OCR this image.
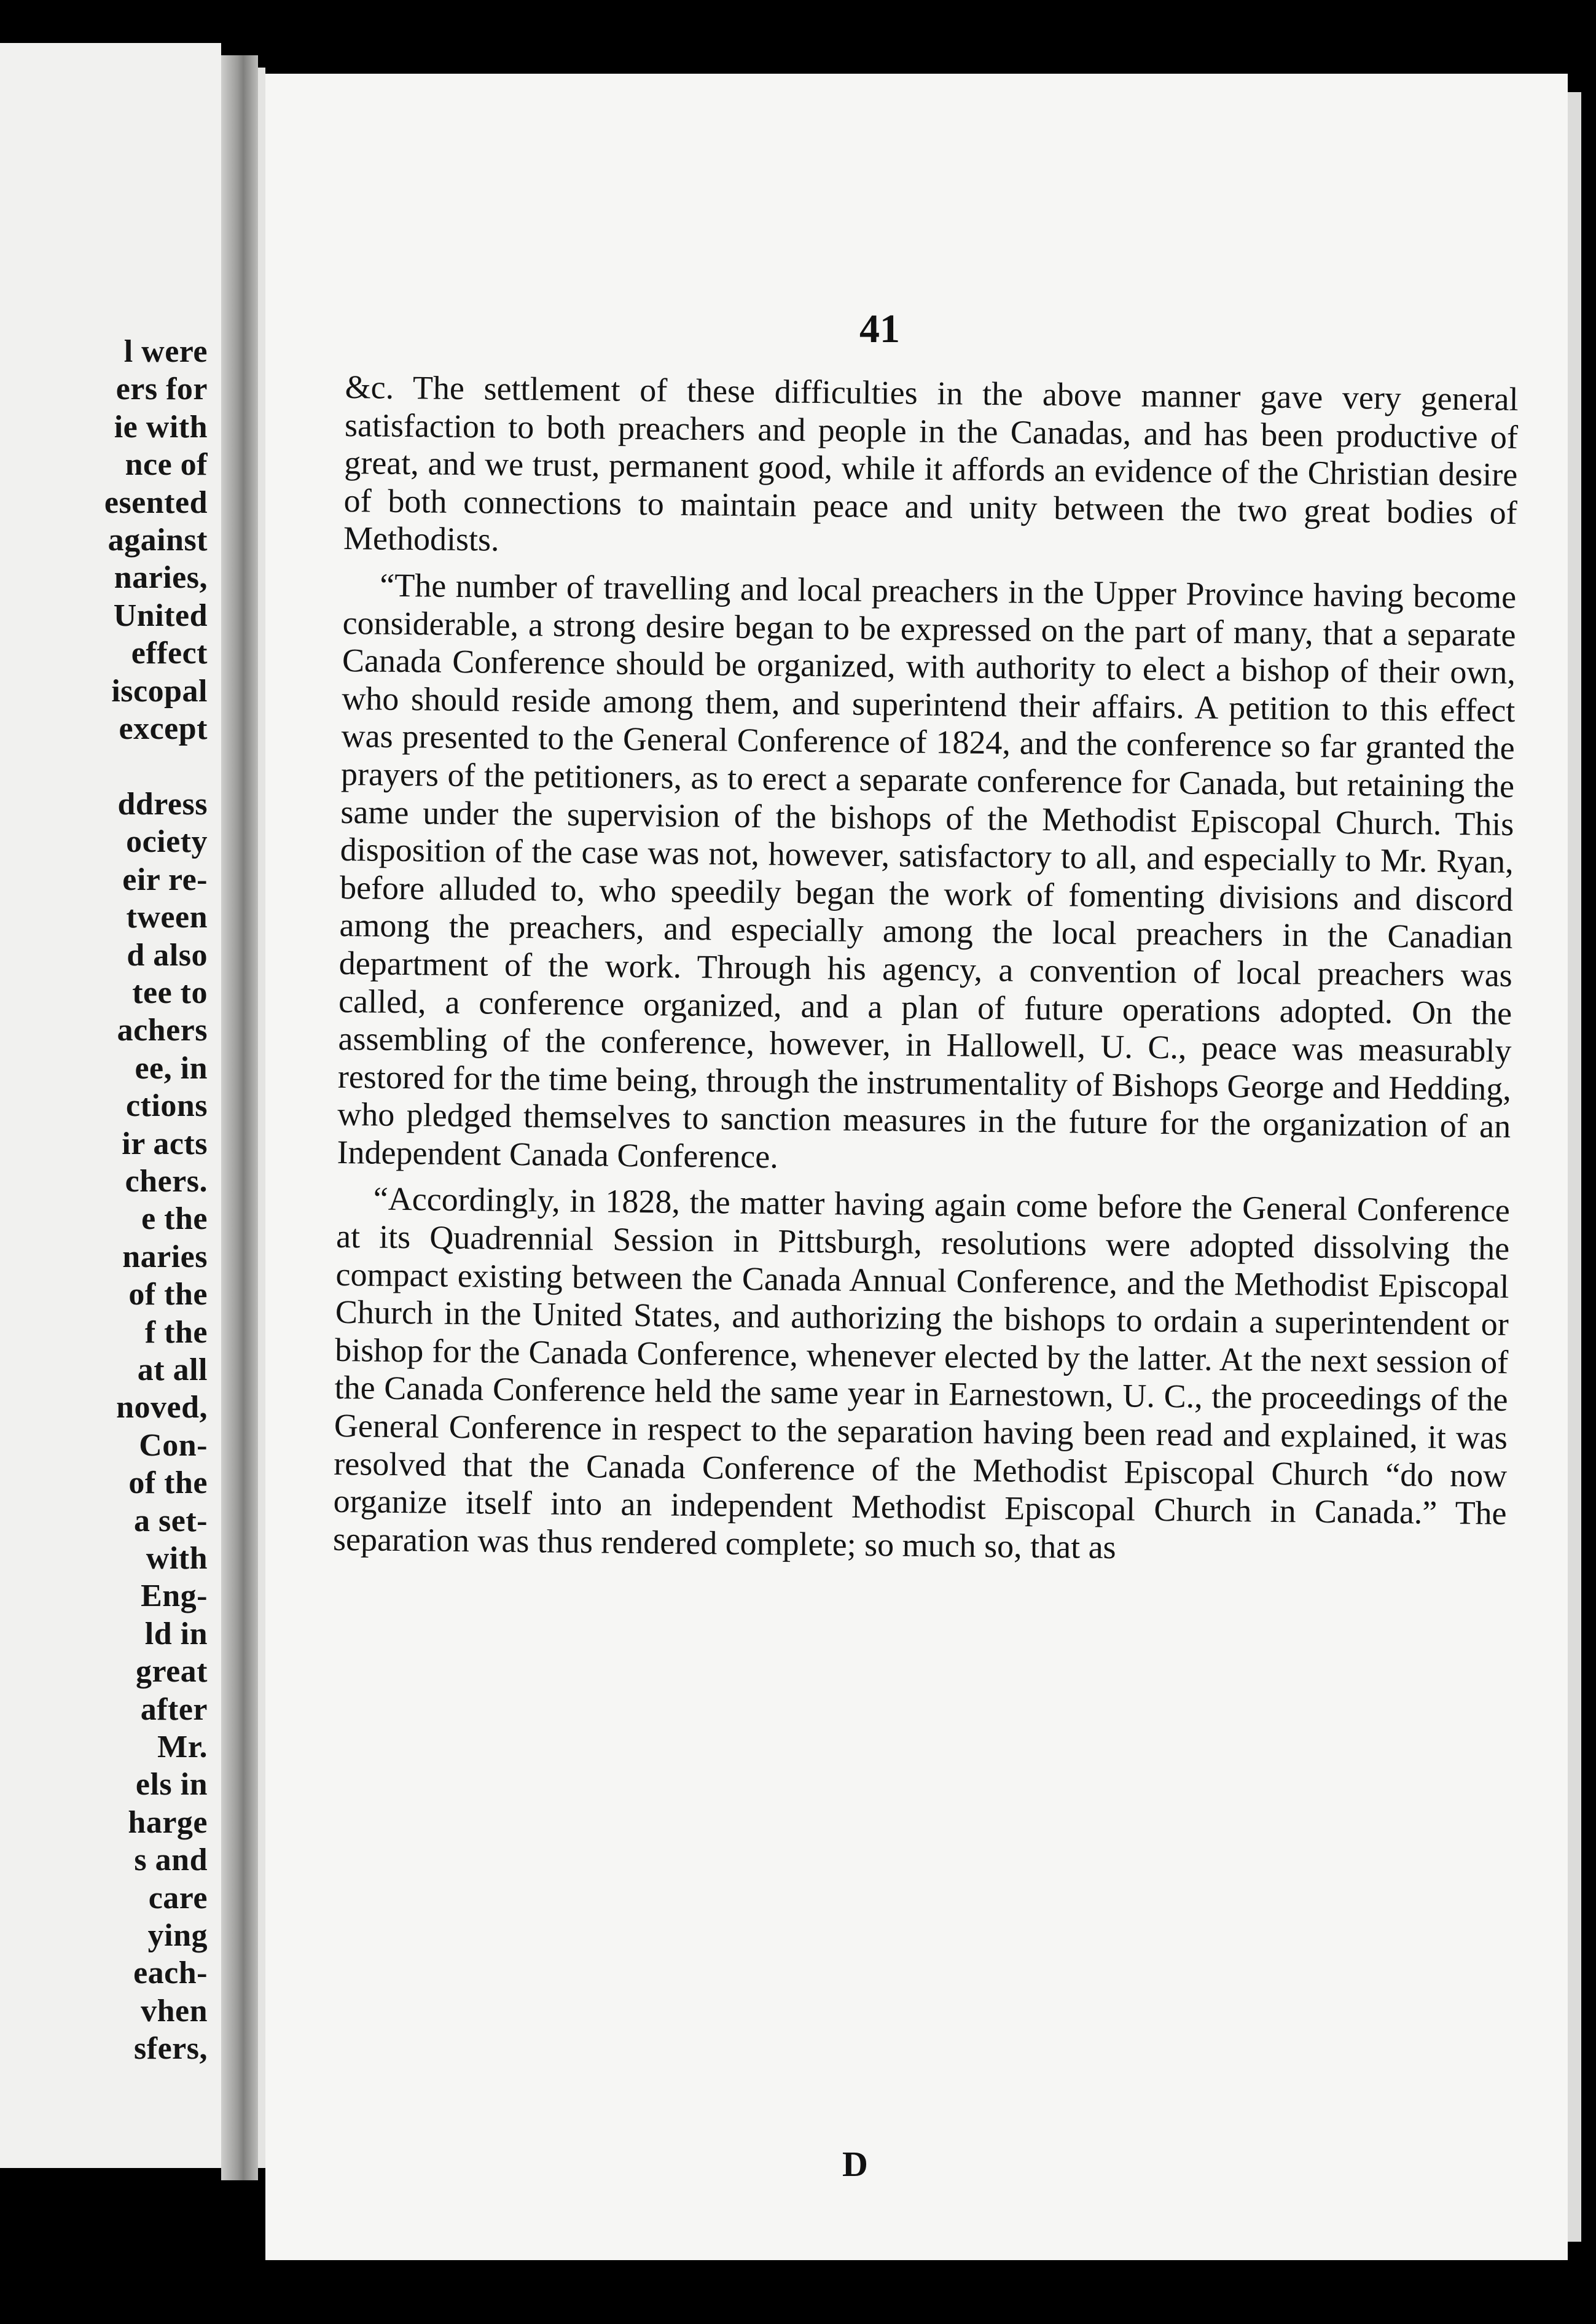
l were
ers for
ie with
nce of
esented
against
naries,
United
effect
iscopal
except

ddress
ociety
eir re-
tween
d also
tee to
achers
ee, in
ctions
ir acts
chers.
e the
naries
of the
f the
at all
noved,
Con-
of the
a set-
with
Eng-
ld in
great
after
Mr.
els in
harge
s and
care
ying
each-
vhen
sfers,
41

&c. The settlement of these difficulties in the above manner gave very general satisfaction to both preachers and people in the Canadas, and has been productive of great, and we trust, permanent good, while it affords an evidence of the Christian desire of both connections to maintain peace and unity between the two great bodies of Methodists.

“The number of travelling and local preachers in the Upper Province having become considerable, a strong desire began to be expressed on the part of many, that a separate Canada Conference should be organized, with authority to elect a bishop of their own, who should reside among them, and superintend their affairs. A petition to this effect was presented to the General Conference of 1824, and the conference so far granted the prayers of the petitioners, as to erect a separate conference for Canada, but retaining the same under the supervision of the bishops of the Methodist Episcopal Church. This disposition of the case was not, however, satisfactory to all, and especially to Mr. Ryan, before alluded to, who speedily began the work of fomenting divisions and discord among the preachers, and especially among the local preachers in the Canadian department of the work. Through his agency, a convention of local preachers was called, a conference organized, and a plan of future operations adopted. On the assembling of the conference, however, in Hallowell, U. C., peace was measurably restored for the time being, through the instrumentality of Bishops George and Hedding, who pledged themselves to sanction measures in the future for the organization of an Independent Canada Conference.

“Accordingly, in 1828, the matter having again come before the General Conference at its Quadrennial Session in Pittsburgh, resolutions were adopted dissolving the compact existing between the Canada Annual Conference, and the Methodist Episcopal Church in the United States, and authorizing the bishops to ordain a superintendent or bishop for the Canada Conference, whenever elected by the latter. At the next session of the Canada Conference held the same year in Earnestown, U. C., the proceedings of the General Conference in respect to the separation having been read and explained, it was resolved that the Canada Conference of the Methodist Episcopal Church “do now organize itself into an independent Methodist Episcopal Church in Canada.” The separation was thus rendered complete; so much so, that as

D
